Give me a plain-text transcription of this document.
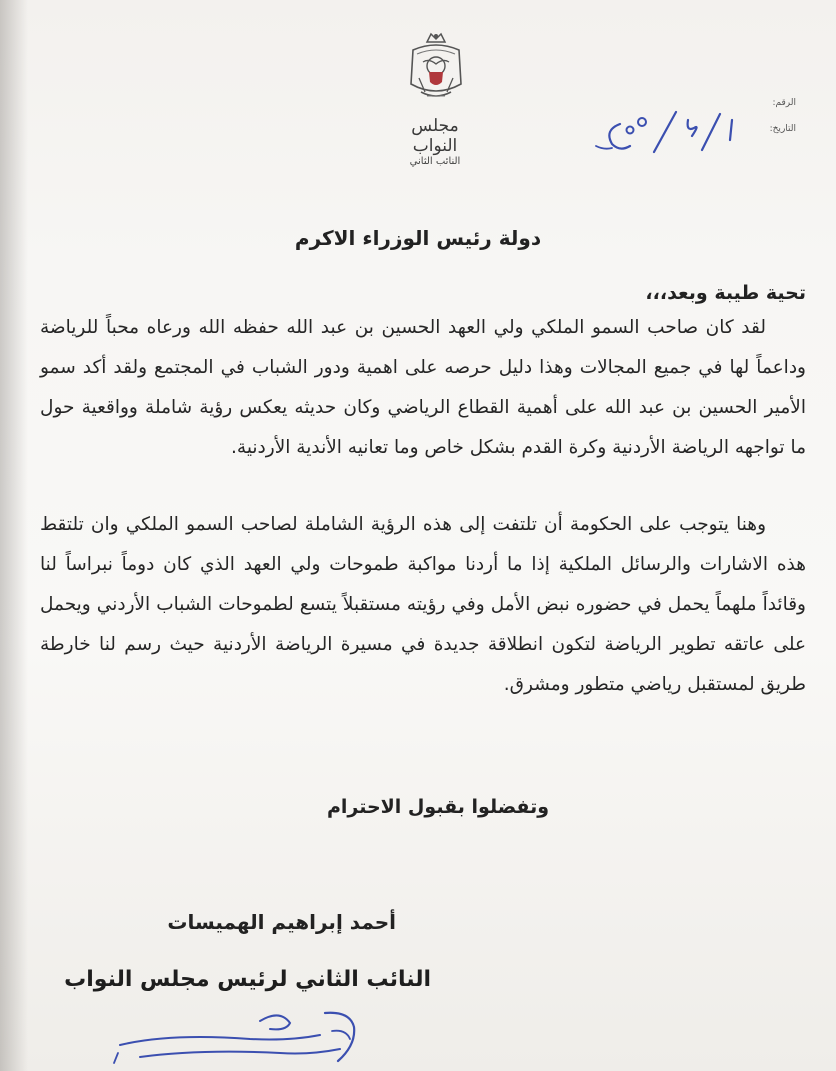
مجلس النواب
النائب الثاني
الرقم:
التاريخ:
دولة رئيس الوزراء الاكرم
تحية طيبة وبعد،،،
لقد كان صاحب السمو الملكي ولي العهد الحسين بن عبد الله حفظه الله ورعاه محباً للرياضة وداعماً لها في جميع المجالات وهذا دليل حرصه على اهمية ودور الشباب في المجتمع ولقد أكد سمو الأمير الحسين بن عبد الله على أهمية القطاع الرياضي وكان حديثه يعكس رؤية شاملة وواقعية حول ما تواجهه الرياضة الأردنية وكرة القدم بشكل خاص وما تعانيه الأندية الأردنية.
وهنا يتوجب على الحكومة أن تلتفت إلى هذه الرؤية الشاملة لصاحب السمو الملكي وان تلتقط هذه الاشارات والرسائل الملكية إذا ما أردنا مواكبة طموحات ولي العهد الذي كان دوماً نبراساً لنا وقائداً ملهماً يحمل في حضوره نبض الأمل وفي رؤيته مستقبلاً يتسع لطموحات الشباب الأردني ويحمل على عاتقه تطوير الرياضة لتكون انطلاقة جديدة في مسيرة الرياضة الأردنية حيث رسم لنا خارطة طريق لمستقبل رياضي متطور ومشرق.
وتفضلوا بقبول الاحترام
أحمد إبراهيم الهميسات
النائب الثاني لرئيس مجلس النواب
